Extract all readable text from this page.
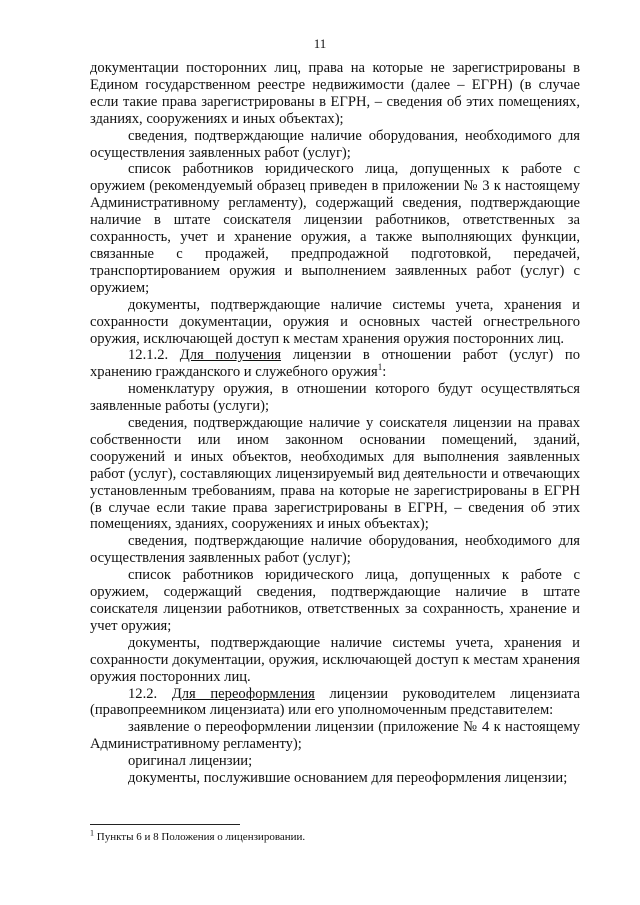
11

документации посторонних лиц, права на которые не зарегистрированы в Едином государственном реестре недвижимости (далее – ЕГРН) (в случае если такие права зарегистрированы в ЕГРН, – сведения об этих помещениях, зданиях, сооружениях и иных объектах);

сведения, подтверждающие наличие оборудования, необходимого для осуществления заявленных работ (услуг);

список работников юридического лица, допущенных к работе с оружием (рекомендуемый образец приведен в приложении № 3 к настоящему Административному регламенту), содержащий сведения, подтверждающие наличие в штате соискателя лицензии работников, ответственных за сохранность, учет и хранение оружия, а также выполняющих функции, связанные с продажей, предпродажной подготовкой, передачей, транспортированием оружия и выполнением заявленных работ (услуг) с оружием;

документы, подтверждающие наличие системы учета, хранения и сохранности документации, оружия и основных частей огнестрельного оружия, исключающей доступ к местам хранения оружия посторонних лиц.

12.1.2. Для получения лицензии в отношении работ (услуг) по хранению гражданского и служебного оружия$^1$:

номенклатуру оружия, в отношении которого будут осуществляться заявленные работы (услуги);

сведения, подтверждающие наличие у соискателя лицензии на правах собственности или ином законном основании помещений, зданий, сооружений и иных объектов, необходимых для выполнения заявленных работ (услуг), составляющих лицензируемый вид деятельности и отвечающих установленным требованиям, права на которые не зарегистрированы в ЕГРН (в случае если такие права зарегистрированы в ЕГРН, – сведения об этих помещениях, зданиях, сооружениях и иных объектах);

сведения, подтверждающие наличие оборудования, необходимого для осуществления заявленных работ (услуг);

список работников юридического лица, допущенных к работе с оружием, содержащий сведения, подтверждающие наличие в штате соискателя лицензии работников, ответственных за сохранность, хранение и учет оружия;

документы, подтверждающие наличие системы учета, хранения и сохранности документации, оружия, исключающей доступ к местам хранения оружия посторонних лиц.

12.2. Для переоформления лицензии руководителем лицензиата (правопреемником лицензиата) или его уполномоченным представителем:

заявление о переоформлении лицензии (приложение № 4 к настоящему Административному регламенту);

оригинал лицензии;

документы, послужившие основанием для переоформления лицензии;

$^1$ Пункты 6 и 8 Положения о лицензировании.
